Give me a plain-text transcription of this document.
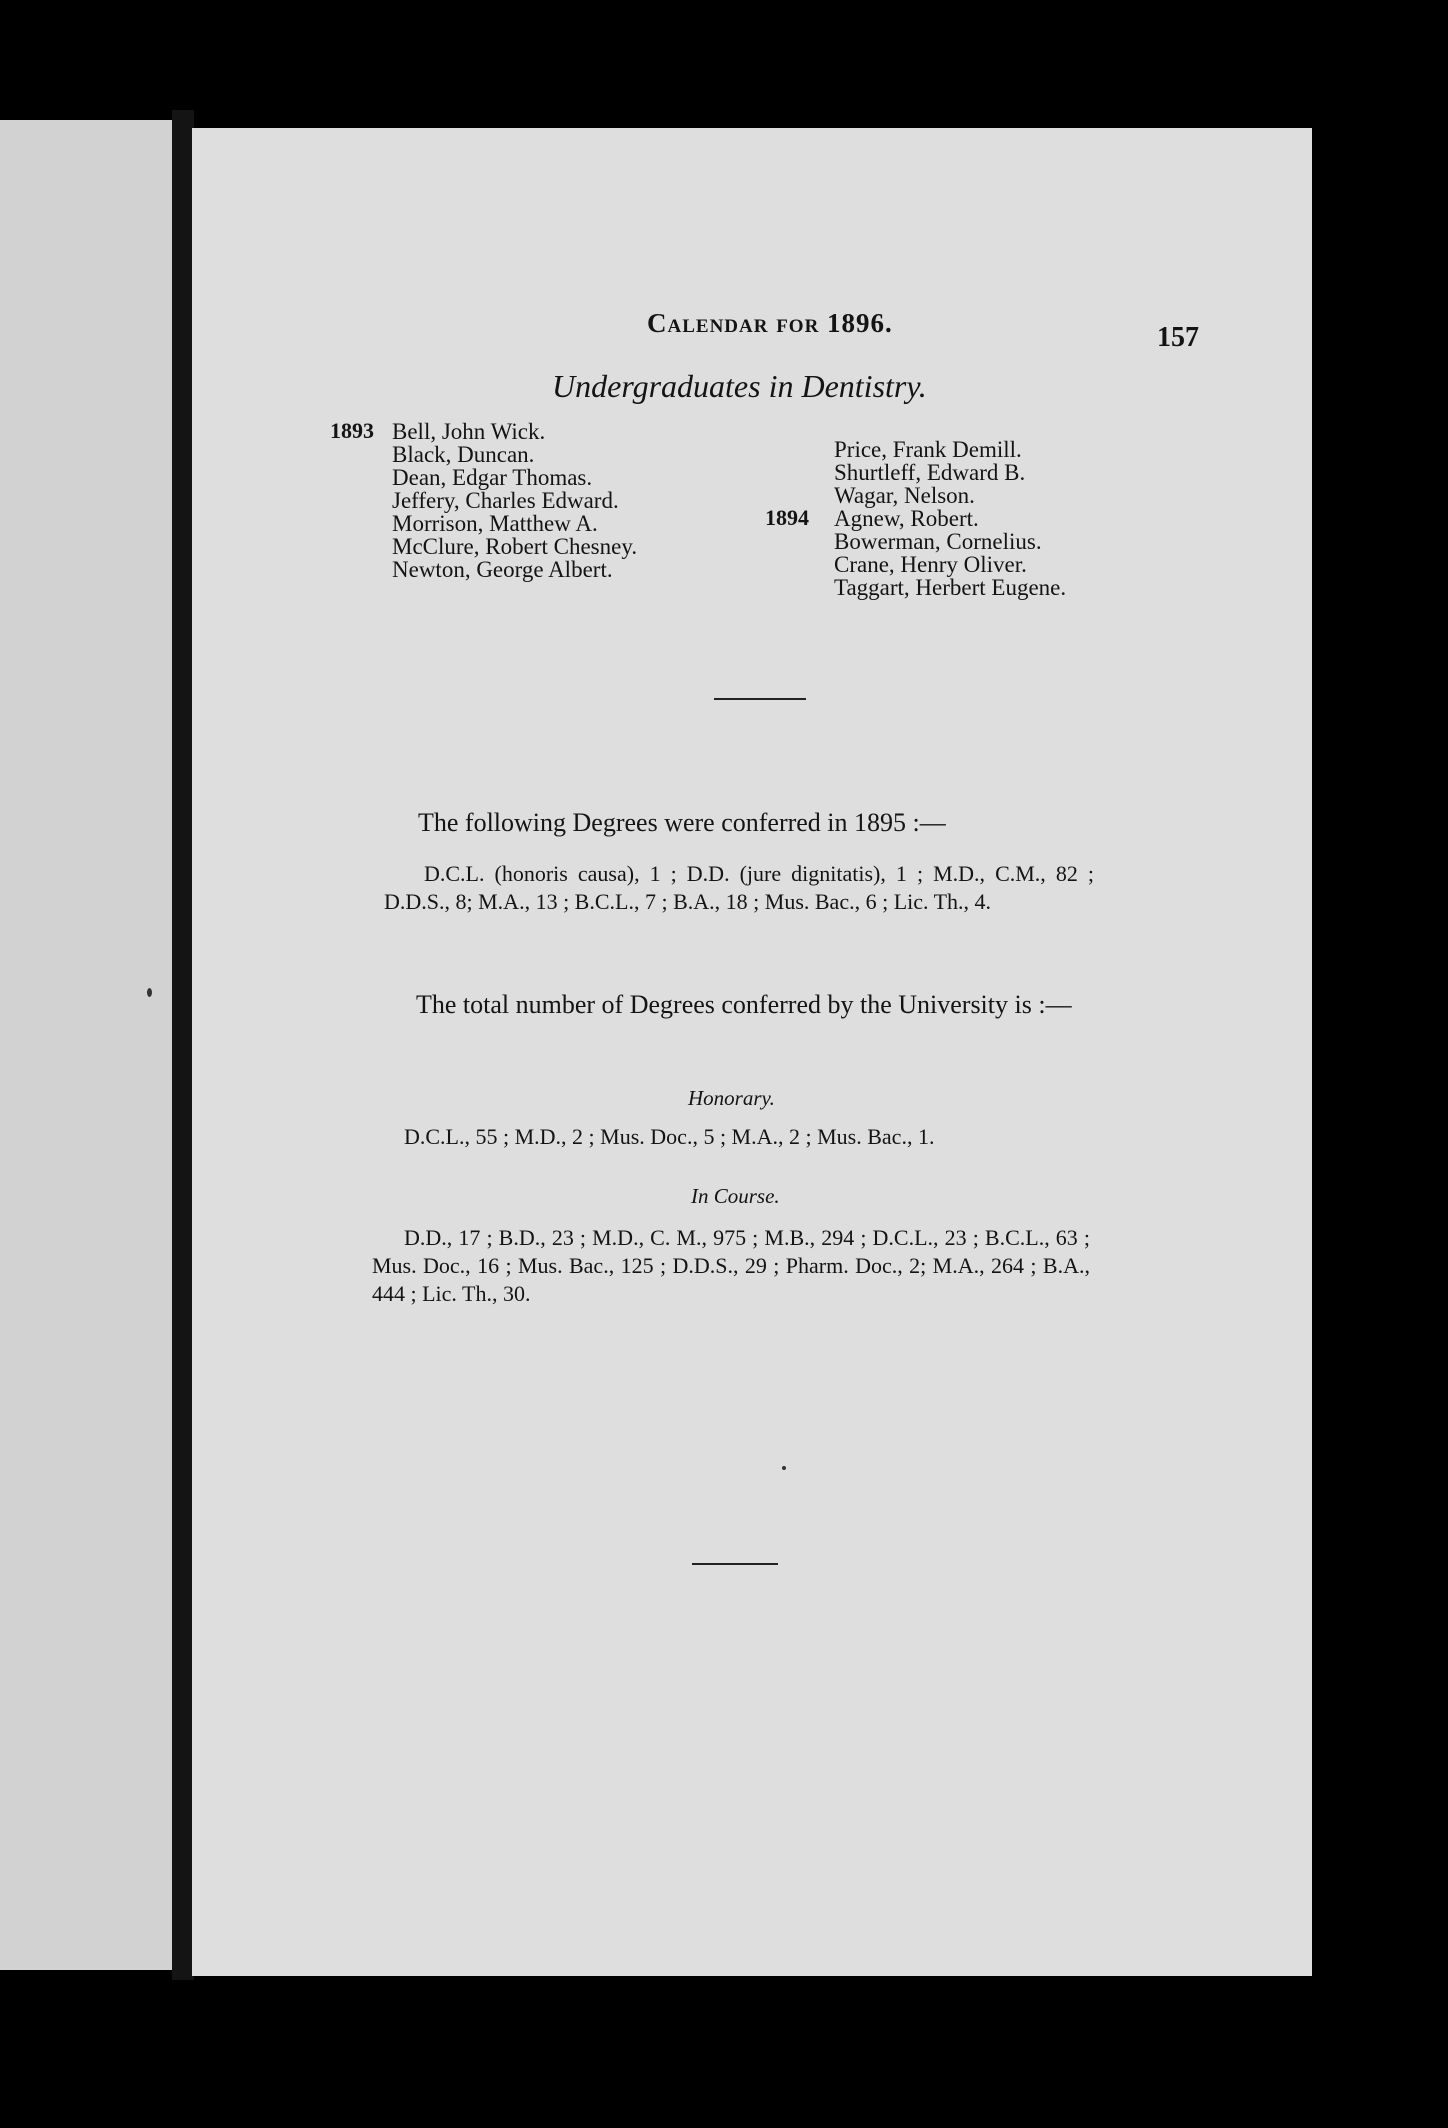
Calendar for 1896.	157
Undergraduates in Dentistry.
1893 Bell, John Wick.
Black, Duncan.
Dean, Edgar Thomas.
Jeffery, Charles Edward.
Morrison, Matthew A.
McClure, Robert Chesney.
Newton, George Albert.
1894
Price, Frank Demill.
Shurtleff, Edward B.
Wagar, Nelson.
Agnew, Robert.
Bowerman, Cornelius.
Crane, Henry Oliver.
Taggart, Herbert Eugene.
The following Degrees were conferred in 1895 :—
D.C.L. (honoris causa), 1 ; D.D. (jure dignitatis), 1 ; M.D., C.M., 82 ; D.D.S., 8; M.A., 13 ; B.C.L., 7 ; B.A., 18 ; Mus. Bac., 6 ; Lic. Th., 4.
The total number of Degrees conferred by the University is :—
Honorary.
D.C.L., 55 ; M.D., 2 ; Mus. Doc., 5 ; M.A., 2 ; Mus. Bac., 1.
In Course.
D.D., 17 ; B.D., 23 ; M.D., C. M., 975 ; M.B., 294 ; D.C.L., 23 ; B.C.L., 63 ; Mus. Doc., 16 ; Mus. Bac., 125 ; D.D.S., 29 ; Pharm. Doc., 2; M.A., 264 ; B.A., 444 ; Lic. Th., 30.
